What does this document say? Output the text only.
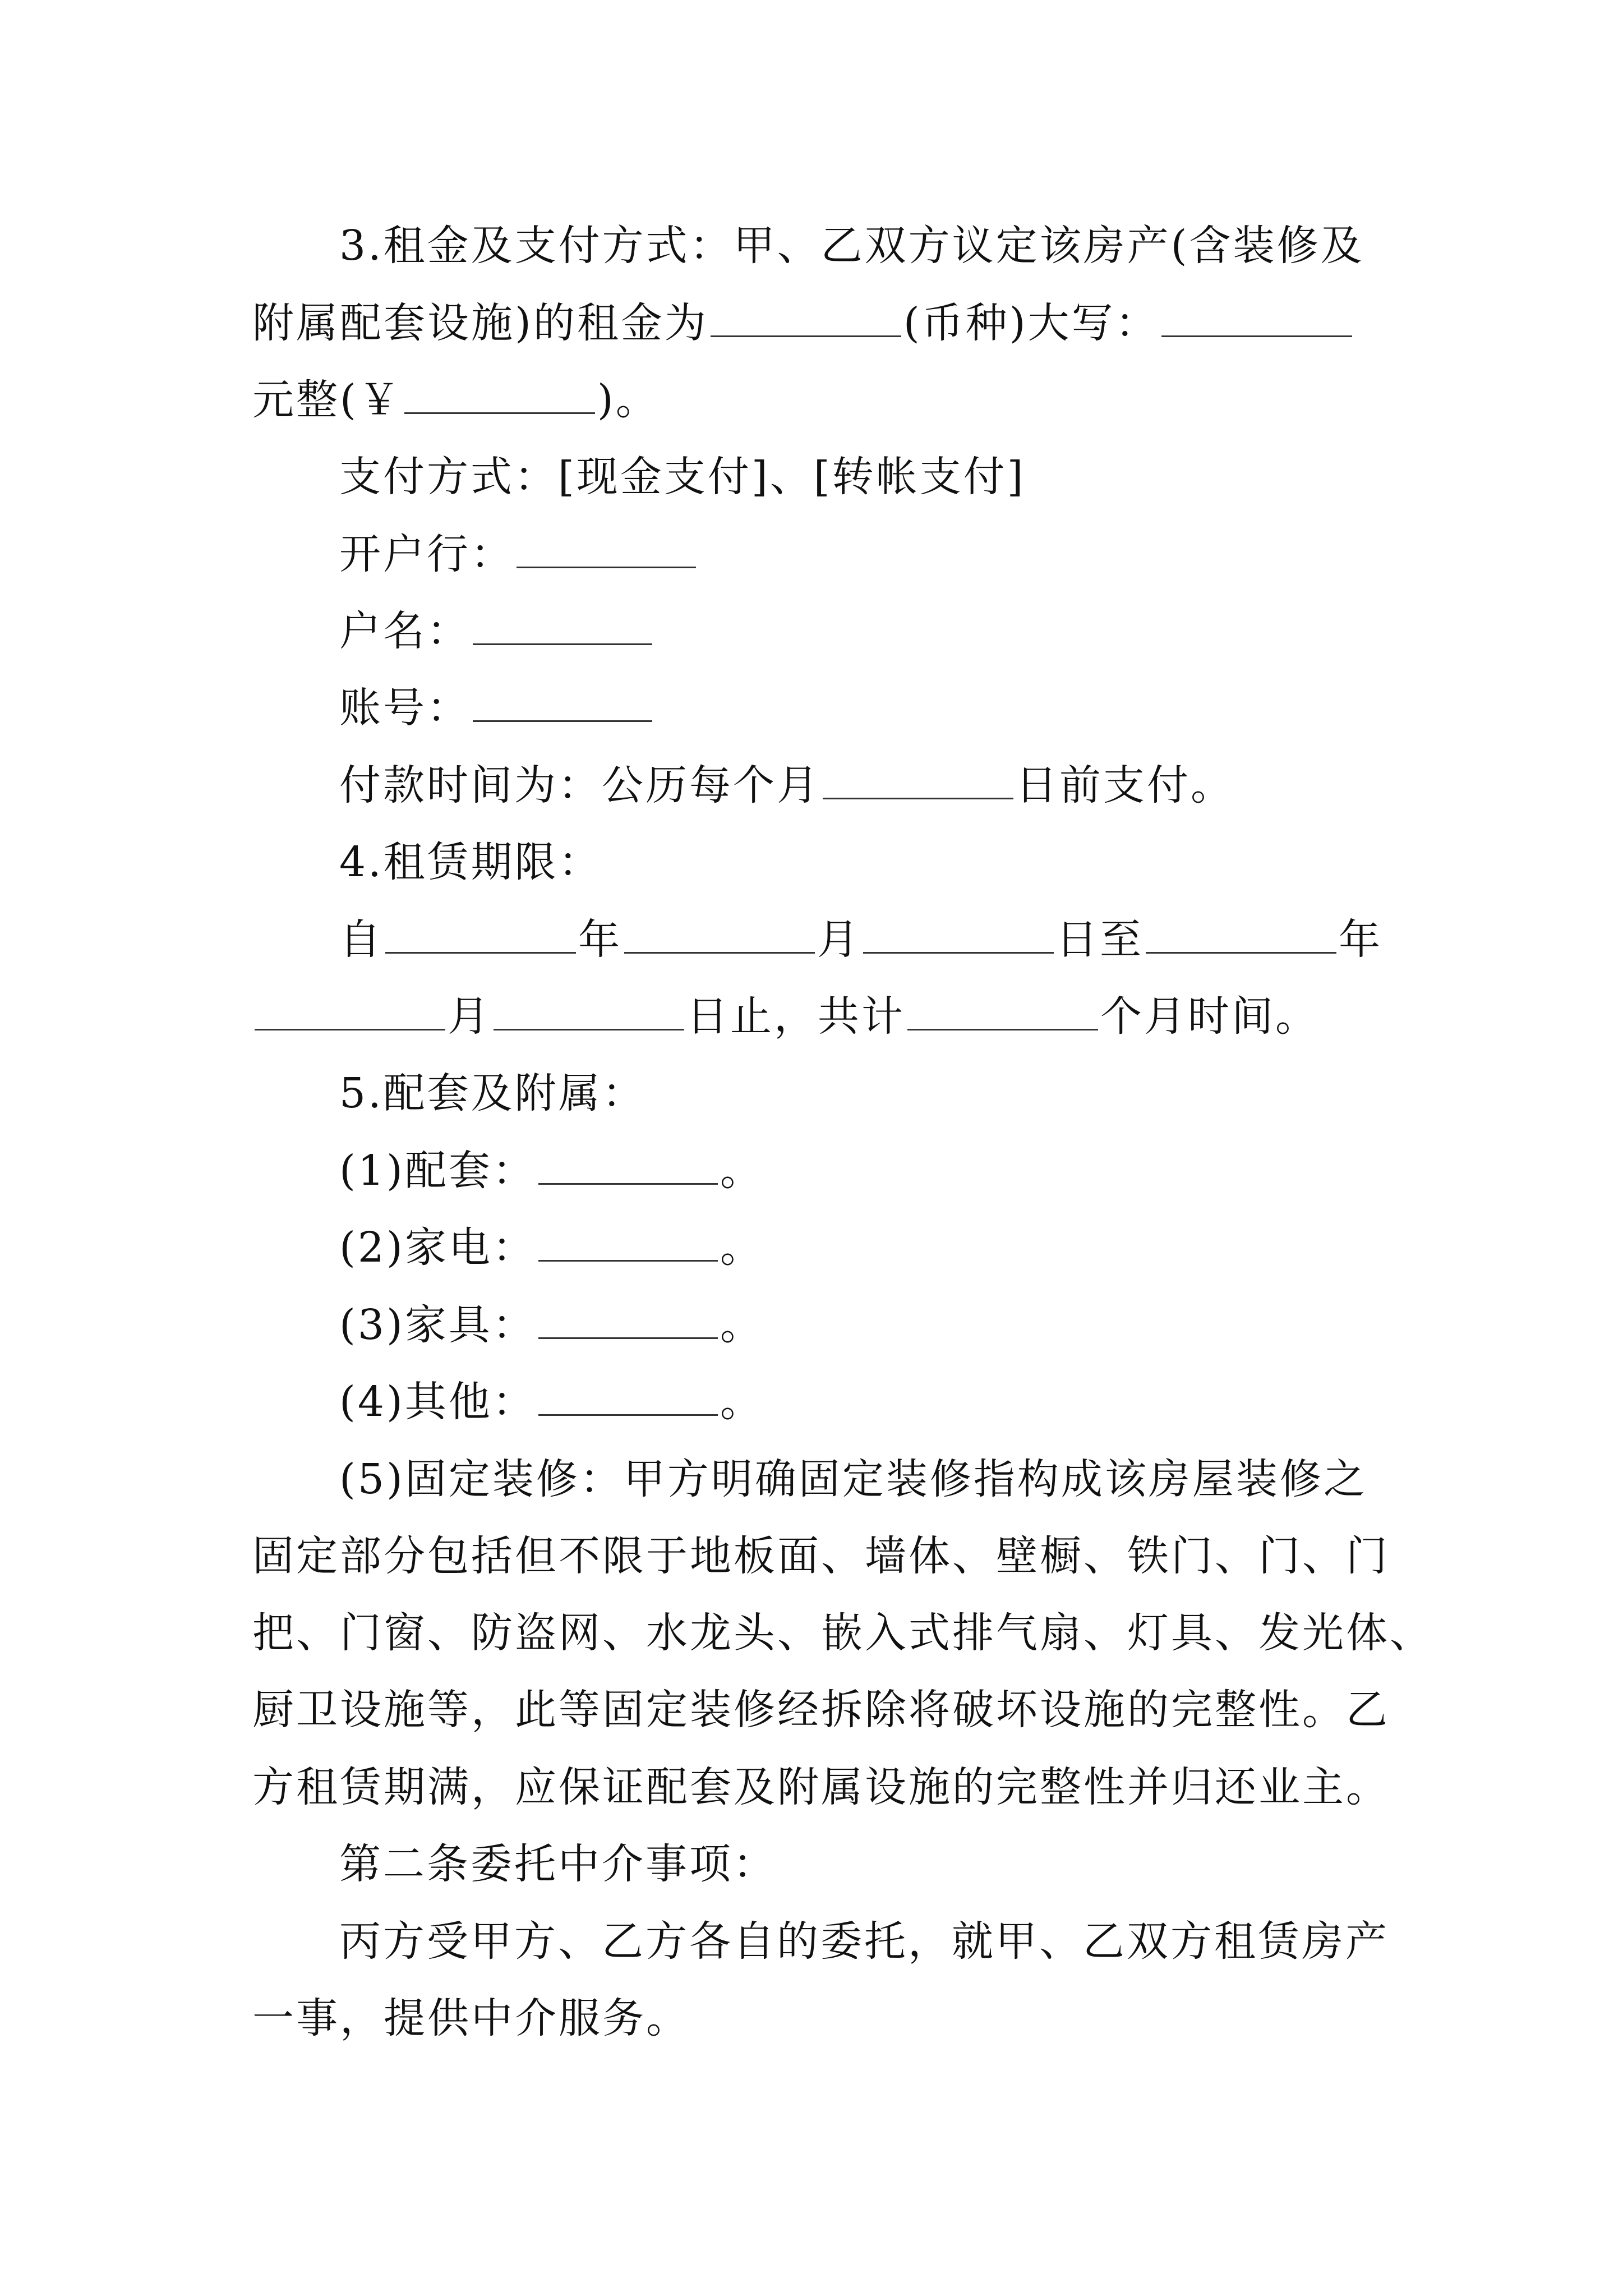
3.租金及支付方式：甲、乙双方议定该房产(含装修及
附属配套设施)的租金为	(币种)大写：
元整(￥	)。
支付方式：[现金支付]、[转帐支付]
开户行：
户名：
账号：
付款时间为：公历每个月	日前支付。
4.租赁期限：
自	年	月	日至	年
月	日止，共计	个月时间。
5.配套及附属：
(1)配套：	。
(2)家电：	。
(3)家具：	。
(4)其他：	。
(5)固定装修：甲方明确固定装修指构成该房屋装修之
固定部分包括但不限于地板面、墙体、壁橱、铁门、门、门
把、门窗、防盗网、水龙头、嵌入式排气扇、灯具、发光体、
厨卫设施等，此等固定装修经拆除将破坏设施的完整性。乙
方租赁期满，应保证配套及附属设施的完整性并归还业主。
第二条委托中介事项：
丙方受甲方、乙方各自的委托，就甲、乙双方租赁房产
一事，提供中介服务。
